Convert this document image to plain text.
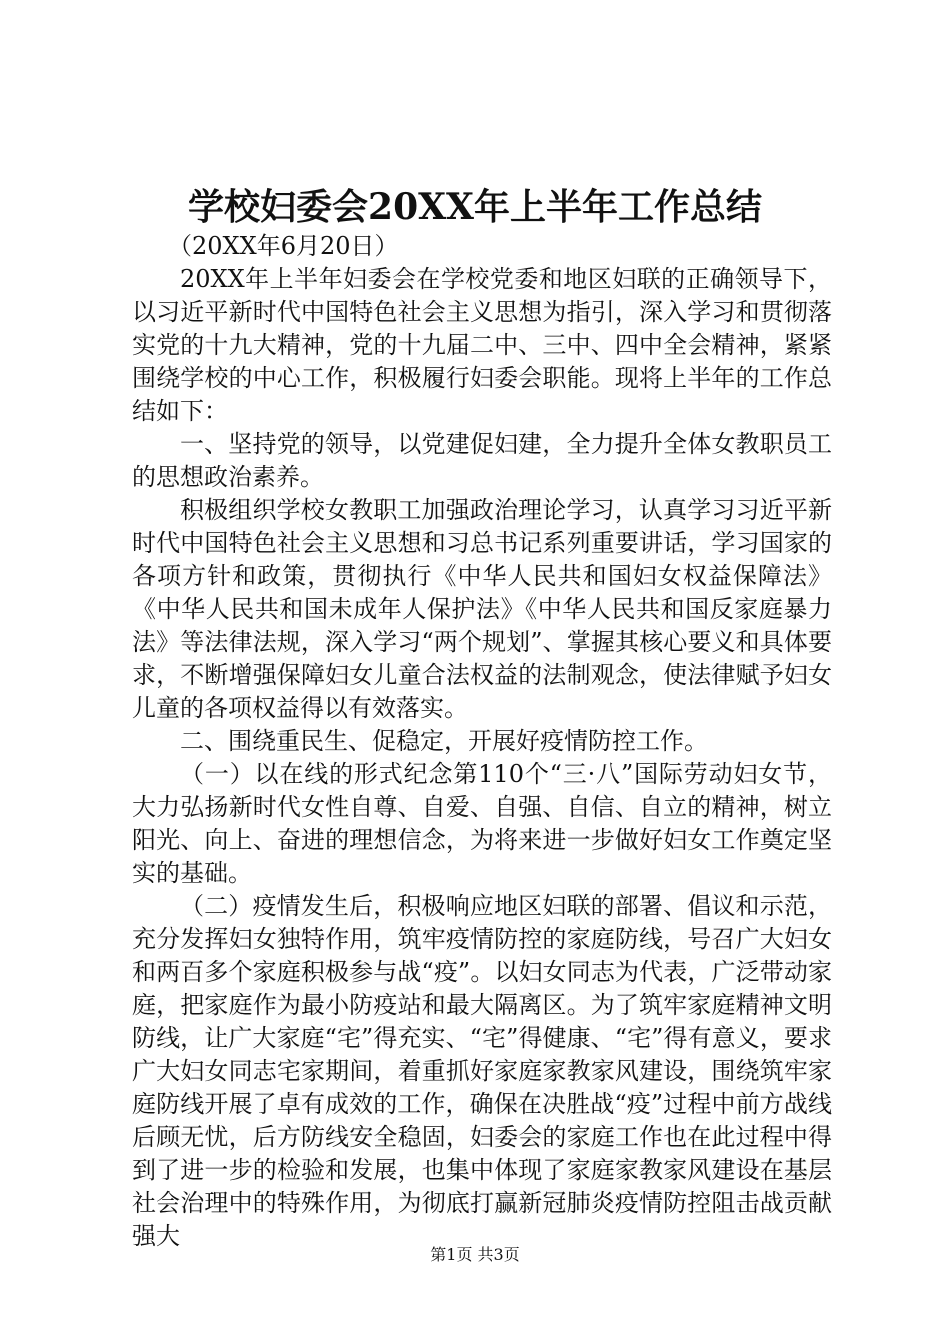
学校妇委会20XX年上半年工作总结

（20XX年6月20日）

20XX年上半年妇委会在学校党委和地区妇联的正确领导下，以习近平新时代中国特色社会主义思想为指引，深入学习和贯彻落实党的十九大精神，党的十九届二中、三中、四中全会精神，紧紧围绕学校的中心工作，积极履行妇委会职能。现将上半年的工作总结如下：

一、坚持党的领导，以党建促妇建，全力提升全体女教职员工的思想政治素养。

积极组织学校女教职工加强政治理论学习，认真学习习近平新时代中国特色社会主义思想和习总书记系列重要讲话，学习国家的各项方针和政策，贯彻执行《中华人民共和国妇女权益保障法》《中华人民共和国未成年人保护法》《中华人民共和国反家庭暴力法》等法律法规，深入学习“两个规划”、掌握其核心要义和具体要求，不断增强保障妇女儿童合法权益的法制观念，使法律赋予妇女儿童的各项权益得以有效落实。

二、围绕重民生、促稳定，开展好疫情防控工作。

（一）以在线的形式纪念第110个“三·八”国际劳动妇女节，大力弘扬新时代女性自尊、自爱、自强、自信、自立的精神，树立阳光、向上、奋进的理想信念，为将来进一步做好妇女工作奠定坚实的基础。

（二）疫情发生后，积极响应地区妇联的部署、倡议和示范，充分发挥妇女独特作用，筑牢疫情防控的家庭防线，号召广大妇女和两百多个家庭积极参与战“疫”。以妇女同志为代表，广泛带动家庭，把家庭作为最小防疫站和最大隔离区。为了筑牢家庭精神文明防线，让广大家庭“宅”得充实、“宅”得健康、“宅”得有意义，要求广大妇女同志宅家期间，着重抓好家庭家教家风建设，围绕筑牢家庭防线开展了卓有成效的工作，确保在决胜战“疫”过程中前方战线后顾无忧，后方防线安全稳固，妇委会的家庭工作也在此过程中得到了进一步的检验和发展，也集中体现了家庭家教家风建设在基层社会治理中的特殊作用，为彻底打赢新冠肺炎疫情防控阻击战贡献强大

第1页 共3页
